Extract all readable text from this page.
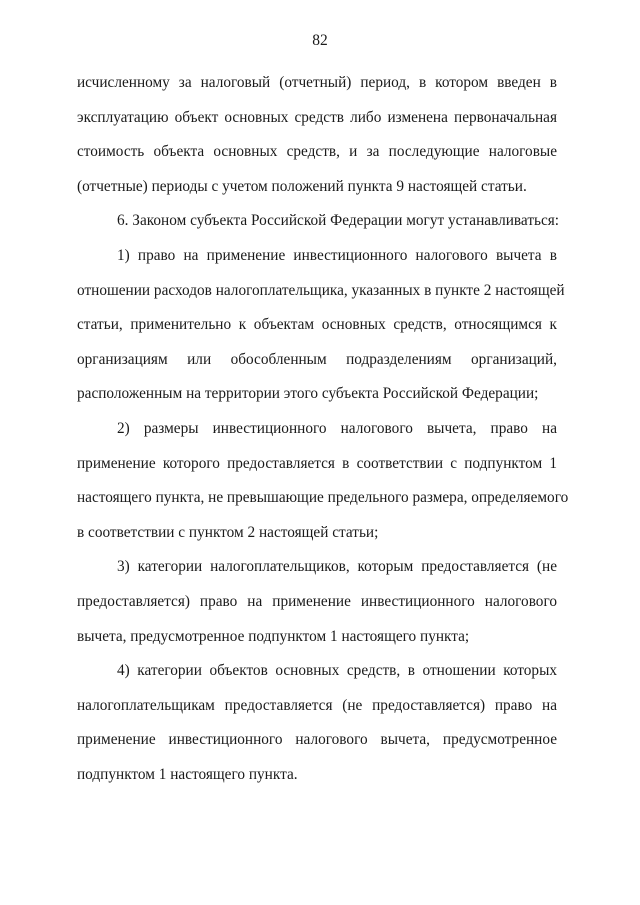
82
исчисленному за налоговый (отчетный) период, в котором введен в
эксплуатацию объект основных средств либо изменена первоначальная
стоимость объекта основных средств, и за последующие налоговые
(отчетные) периоды с учетом положений пункта 9 настоящей статьи.
6. Законом субъекта Российской Федерации могут устанавливаться:
1) право на применение инвестиционного налогового вычета в
отношении расходов налогоплательщика, указанных в пункте 2 настоящей
статьи, применительно к объектам основных средств, относящимся к
организациям или обособленным подразделениям организаций,
расположенным на территории этого субъекта Российской Федерации;
2) размеры инвестиционного налогового вычета, право на
применение которого предоставляется в соответствии с подпунктом 1
настоящего пункта, не превышающие предельного размера, определяемого
в соответствии с пунктом 2 настоящей статьи;
3) категории налогоплательщиков, которым предоставляется (не
предоставляется) право на применение инвестиционного налогового
вычета, предусмотренное подпунктом 1 настоящего пункта;
4) категории объектов основных средств, в отношении которых
налогоплательщикам предоставляется (не предоставляется) право на
применение инвестиционного налогового вычета, предусмотренное
подпунктом 1 настоящего пункта.
